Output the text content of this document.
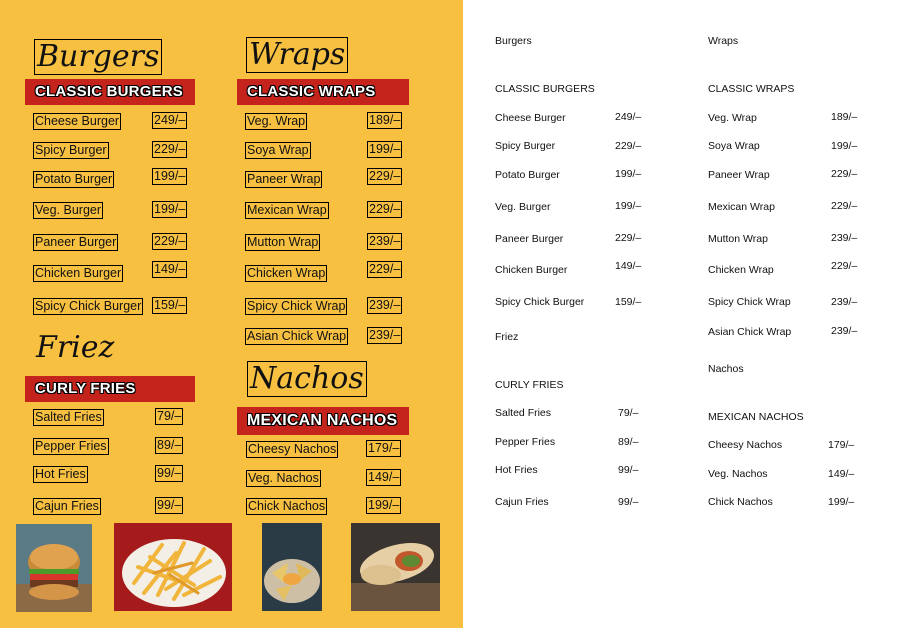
Burgers
CLASSIC BURGERS
Cheese Burger	249/–
Spicy Burger	229/–
Potato Burger	199/–
Veg. Burger	199/–
Paneer Burger	229/–
Chicken Burger	149/–
Spicy Chick Burger 159/–
Friez
CURLY FRIES
Salted Fries	79/–
Pepper Fries	89/–
Hot Fries	99/–
Cajun Fries	99/–
Wraps
CLASSIC WRAPS
Veg. Wrap	189/–
Soya Wrap	199/–
Paneer Wrap	229/–
Mexican Wrap	229/–
Mutton Wrap	239/–
Chicken Wrap	229/–
Spicy Chick Wrap 239/–
Asian Chick Wrap 239/–
Nachos
MEXICAN NACHOS
Cheesy Nachos	179/–
Veg. Nachos	149/–
Chick Nachos	199/–
Burgers
CLASSIC BURGERS
Cheese Burger	249/–
Spicy Burger	229/–
Potato Burger	199/–
Veg. Burger	199/–
Paneer Burger	229/–
Chicken Burger	149/–
Spicy Chick Burger	159/–
Friez
CURLY FRIES
Salted Fries	79/–
Pepper Fries	89/–
Hot Fries	99/–
Cajun Fries	99/–
Wraps
CLASSIC WRAPS
Veg. Wrap	189/–
Soya Wrap	199/–
Paneer Wrap	229/–
Mexican Wrap	229/–
Mutton Wrap	239/–
Chicken Wrap	229/–
Spicy Chick Wrap	239/–
Asian Chick Wrap	239/–
Nachos
MEXICAN NACHOS
Cheesy Nachos	179/–
Veg. Nachos	149/–
Chick Nachos	199/–
